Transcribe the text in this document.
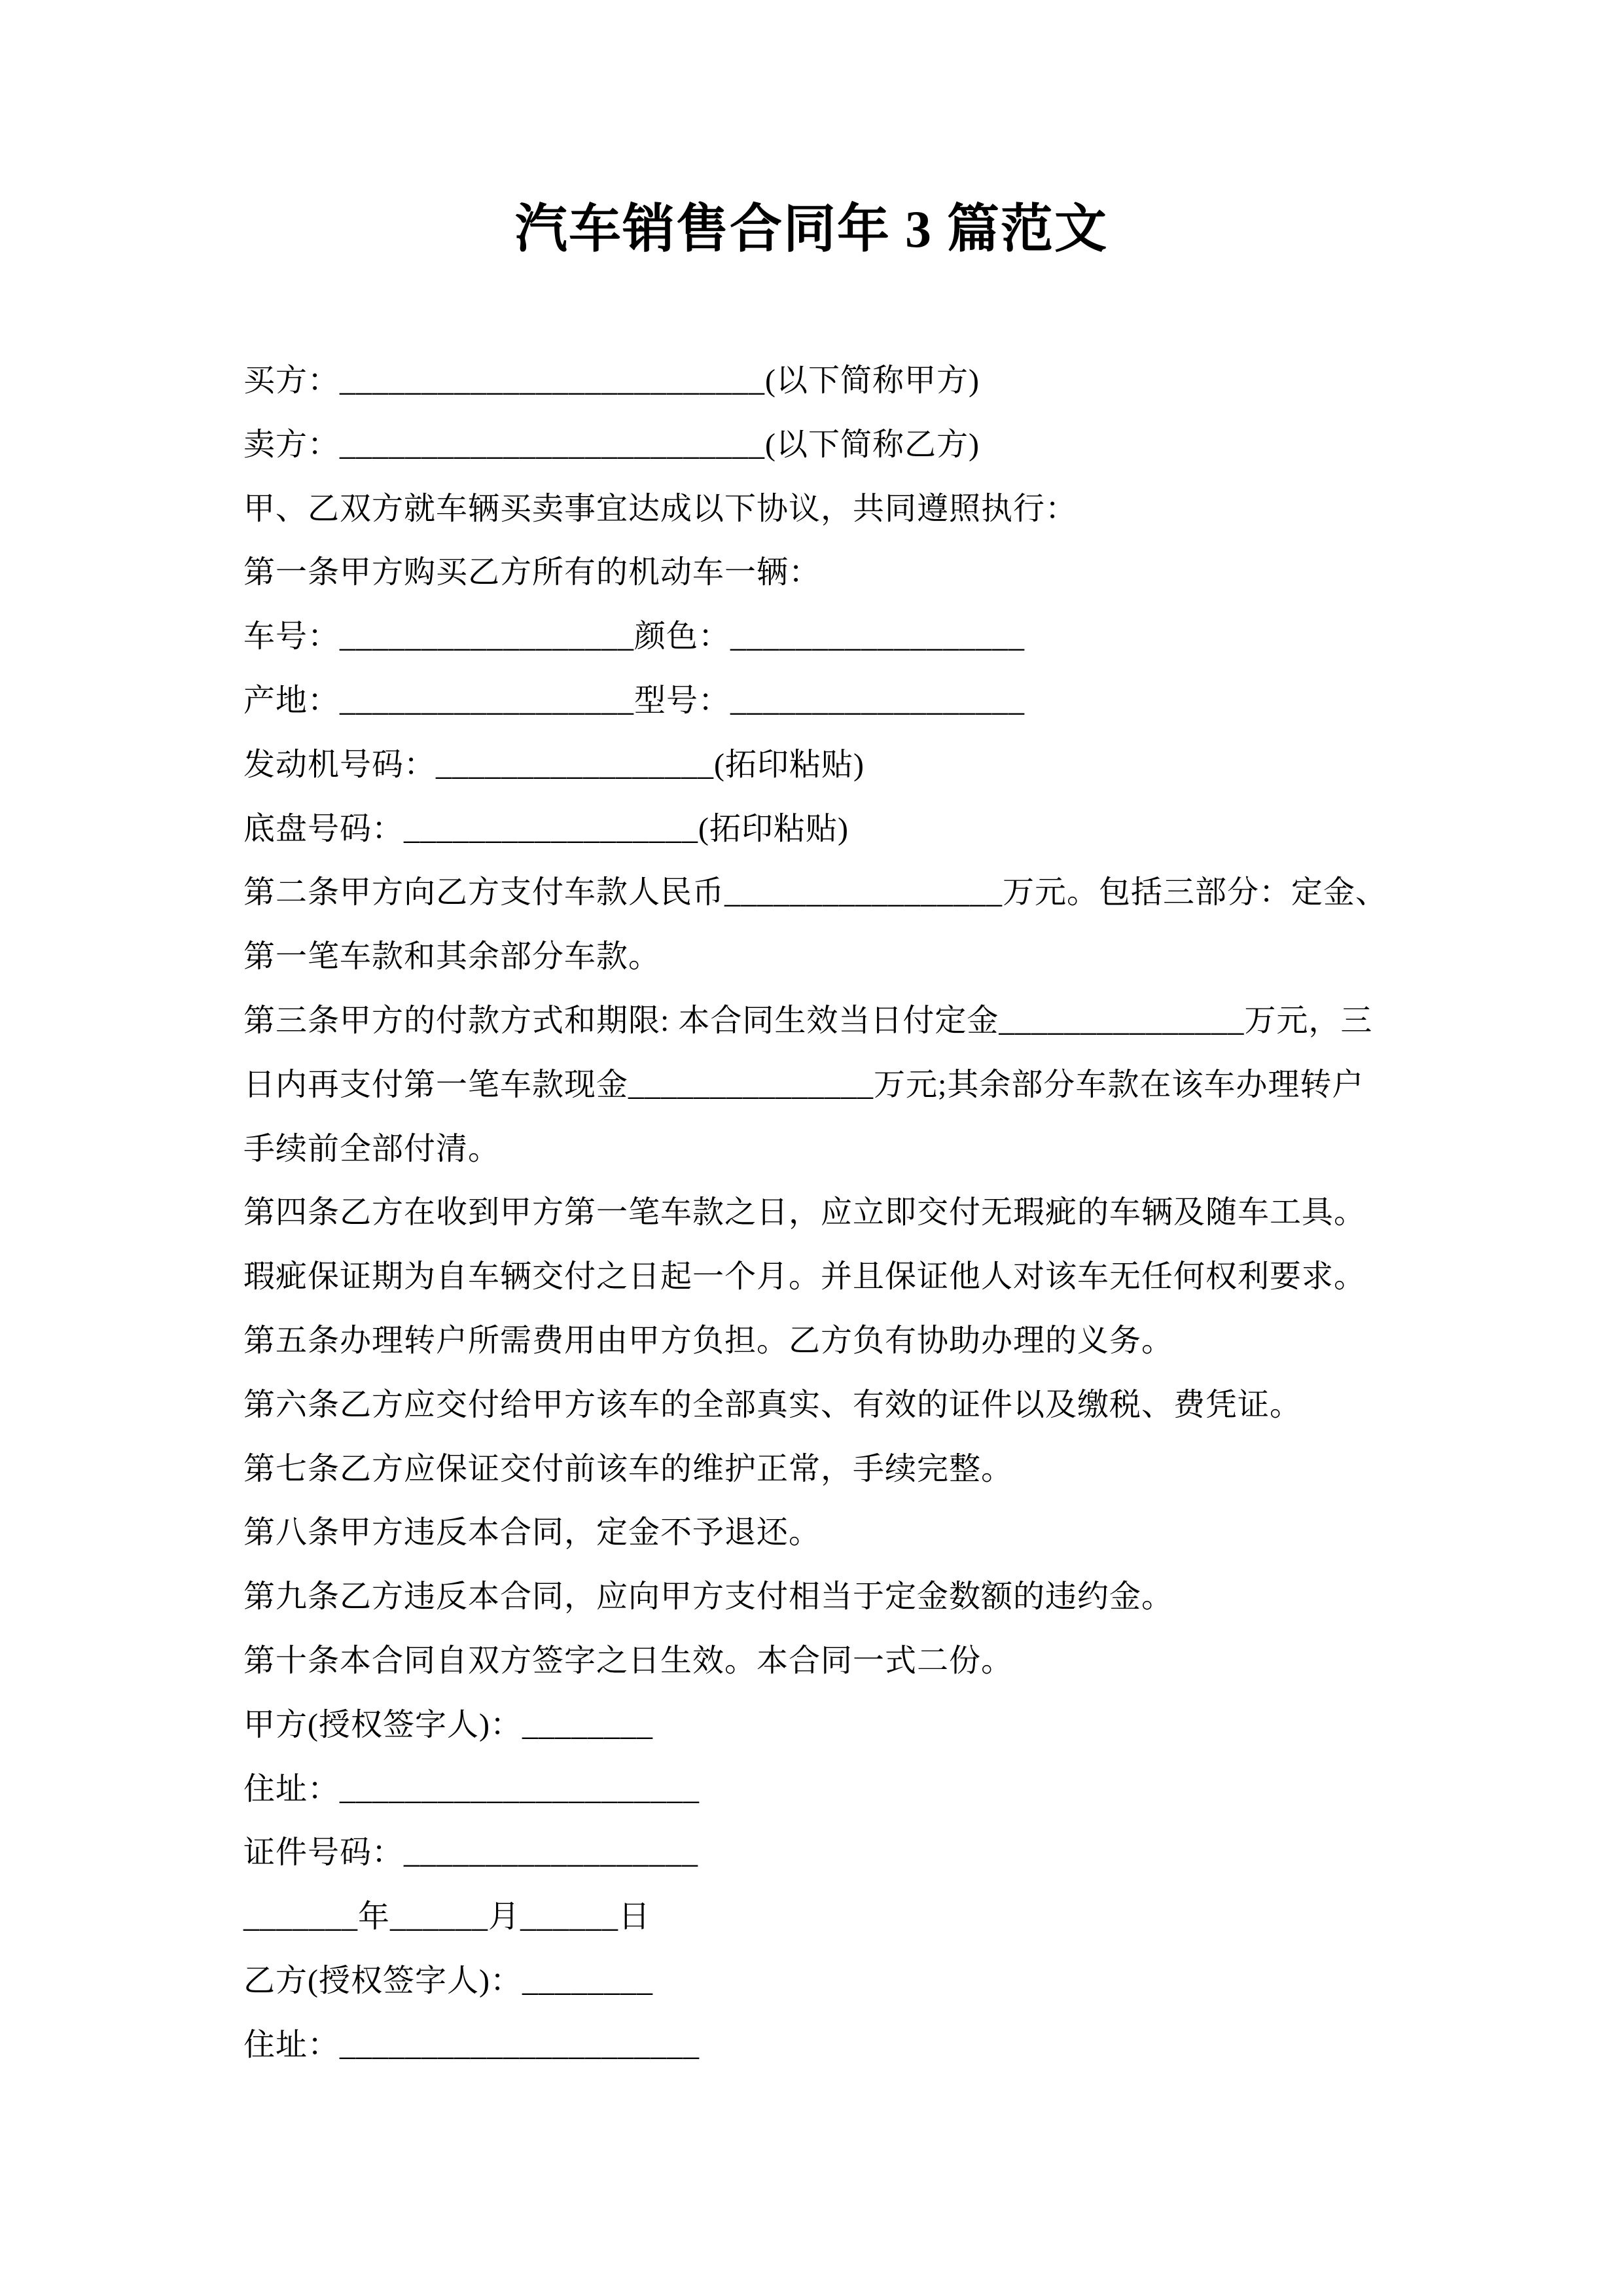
汽车销售合同年 3 篇范文
买方：__________________________(以下简称甲方)
卖方：__________________________(以下简称乙方)
甲、乙双方就车辆买卖事宜达成以下协议，共同遵照执行：
第一条甲方购买乙方所有的机动车一辆：
车号：__________________颜色：__________________
产地：__________________型号：__________________
发动机号码：_________________(拓印粘贴)
底盘号码：__________________(拓印粘贴)
第二条甲方向乙方支付车款人民币_________________万元。包括三部分：定金、
第一笔车款和其余部分车款。
第三条甲方的付款方式和期限: 本合同生效当日付定金_______________万元，三
日内再支付第一笔车款现金_______________万元;其余部分车款在该车办理转户
手续前全部付清。
第四条乙方在收到甲方第一笔车款之日，应立即交付无瑕疵的车辆及随车工具。
瑕疵保证期为自车辆交付之日起一个月。并且保证他人对该车无任何权利要求。
第五条办理转户所需费用由甲方负担。乙方负有协助办理的义务。
第六条乙方应交付给甲方该车的全部真实、有效的证件以及缴税、费凭证。
第七条乙方应保证交付前该车的维护正常，手续完整。
第八条甲方违反本合同，定金不予退还。
第九条乙方违反本合同，应向甲方支付相当于定金数额的违约金。
第十条本合同自双方签字之日生效。本合同一式二份。
甲方(授权签字人)：________
住址：______________________
证件号码：__________________
_______年______月______日
乙方(授权签字人)：________
住址：______________________
